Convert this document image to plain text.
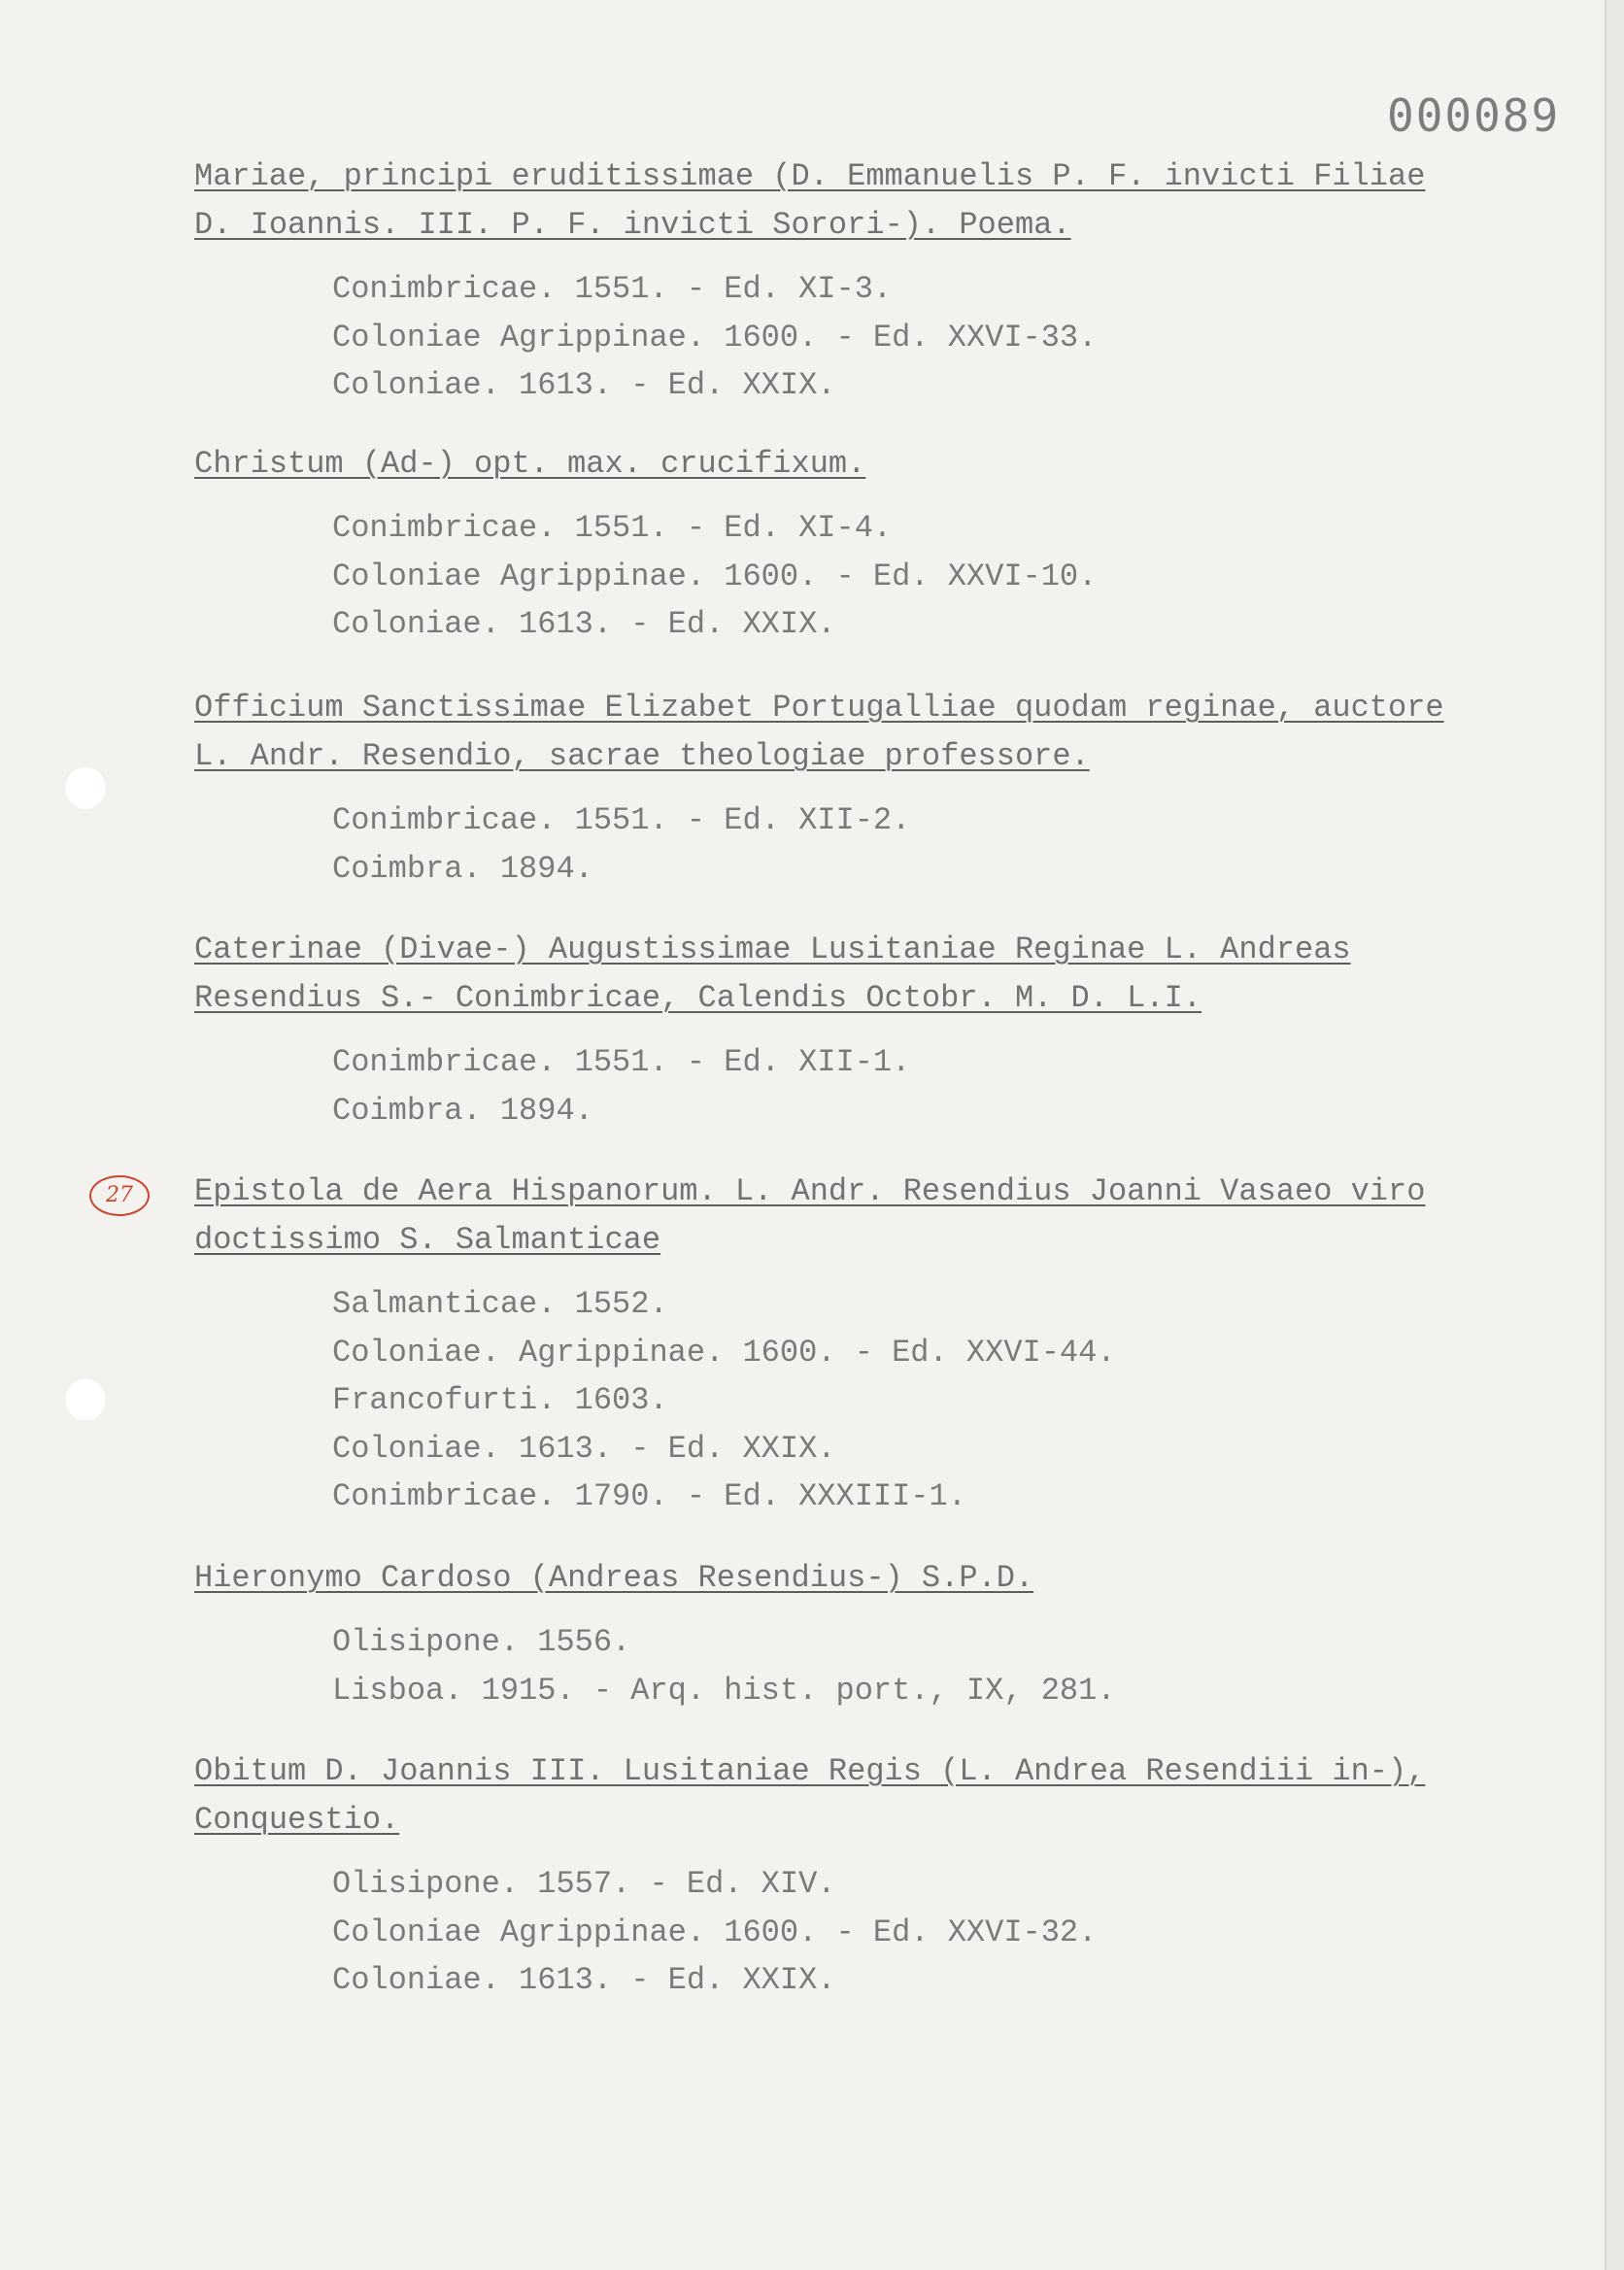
000089
27
Mariae, principi eruditissimae (D. Emmanuelis P. F. invicti Filiae
D. Ioannis. III. P. F. invicti Sorori-). Poema.
Conimbricae. 1551. - Ed. XI-3.
Coloniae Agrippinae. 1600. - Ed. XXVI-33.
Coloniae. 1613. - Ed. XXIX.
Christum (Ad-) opt. max. crucifixum.
Conimbricae. 1551. - Ed. XI-4.
Coloniae Agrippinae. 1600. - Ed. XXVI-10.
Coloniae. 1613. - Ed. XXIX.
Officium Sanctissimae Elizabet Portugalliae quodam reginae, auctore
L. Andr. Resendio, sacrae theologiae professore.
Conimbricae. 1551. - Ed. XII-2.
Coimbra. 1894.
Caterinae (Divae-) Augustissimae Lusitaniae Reginae L. Andreas
Resendius S.- Conimbricae, Calendis Octobr. M. D. L.I.
Conimbricae. 1551. - Ed. XII-1.
Coimbra. 1894.
Epistola de Aera Hispanorum. L. Andr. Resendius Joanni Vasaeo viro
doctissimo S. Salmanticae
Salmanticae. 1552.
Coloniae. Agrippinae. 1600. - Ed. XXVI-44.
Francofurti. 1603.
Coloniae. 1613. - Ed. XXIX.
Conimbricae. 1790. - Ed. XXXIII-1.
Hieronymo Cardoso (Andreas Resendius-) S.P.D.
Olisipone. 1556.
Lisboa. 1915. - Arq. hist. port., IX, 281.
Obitum D. Joannis III. Lusitaniae Regis (L. Andrea Resendiii in-),
Conquestio.
Olisipone. 1557. - Ed. XIV.
Coloniae Agrippinae. 1600. - Ed. XXVI-32.
Coloniae. 1613. - Ed. XXIX.
